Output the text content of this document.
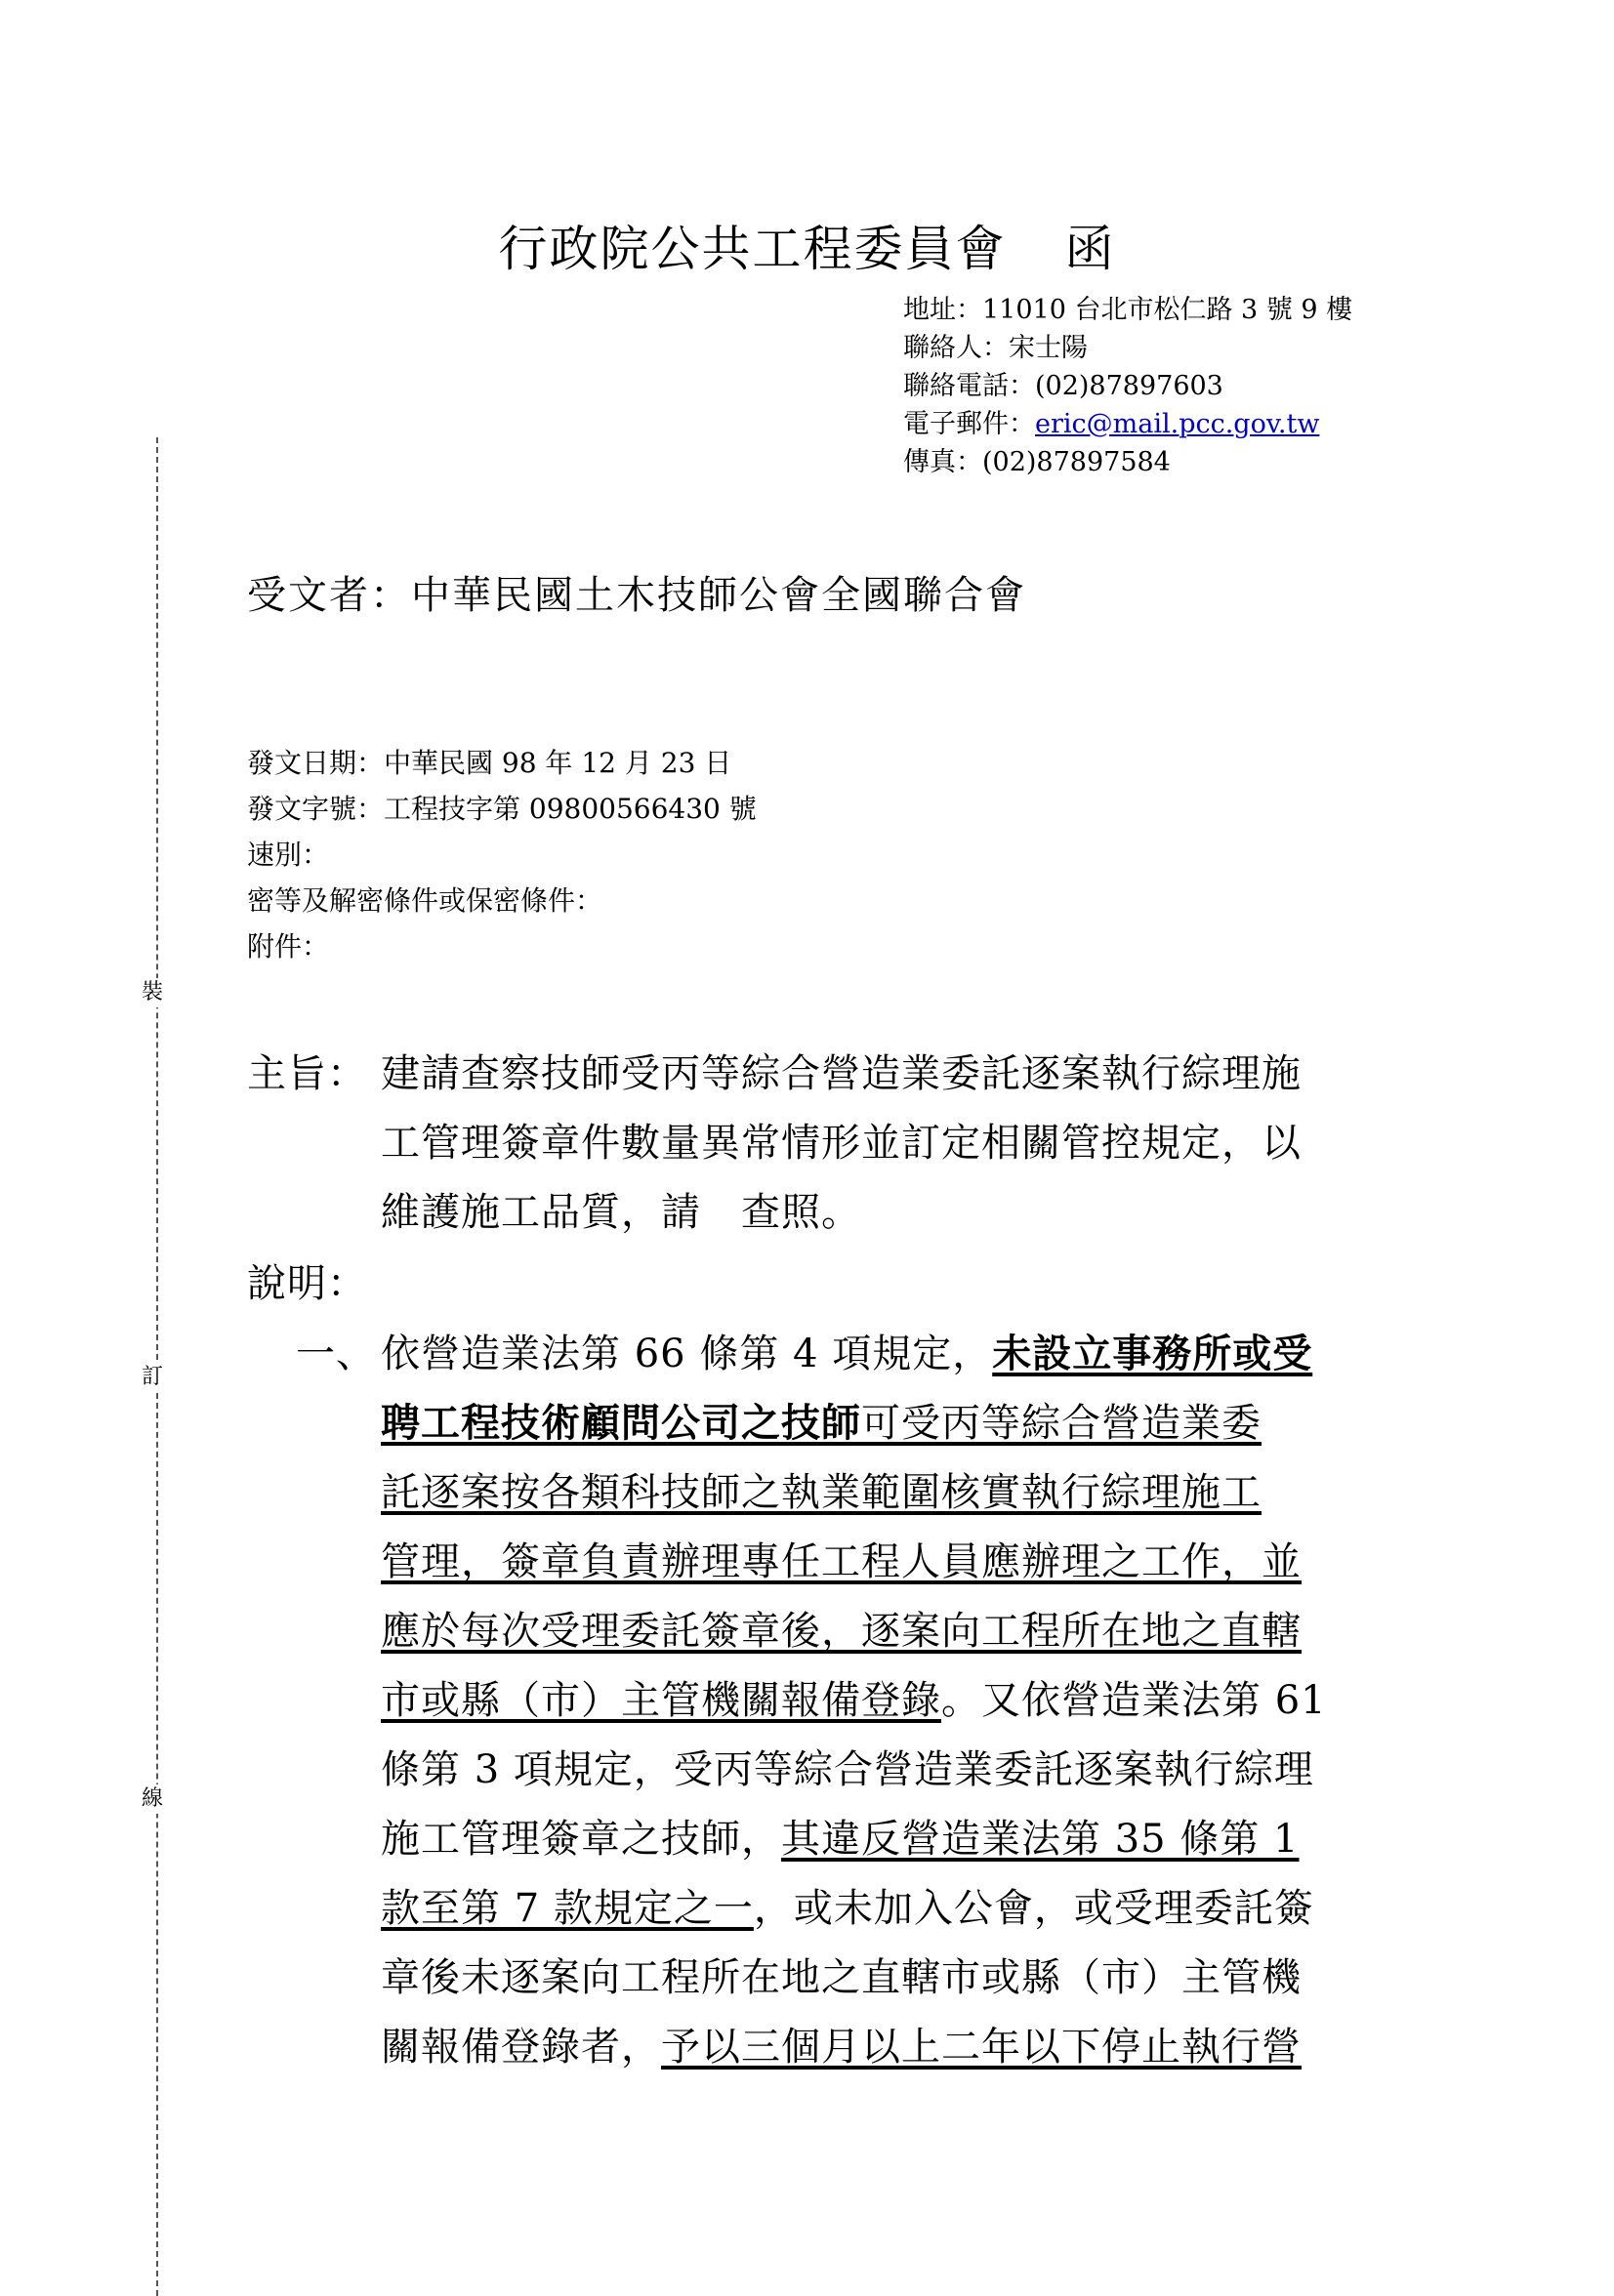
裝
訂
線
行政院公共工程委員會 函
地址：11010 台北市松仁路 3 號 9 樓
聯絡人：宋士陽
聯絡電話：(02)87897603
電子郵件：eric@mail.pcc.gov.tw
傳真：(02)87897584
受文者：中華民國土木技師公會全國聯合會
發文日期：中華民國 98 年 12 月 23 日
發文字號：工程技字第 09800566430 號
速別：
密等及解密條件或保密條件：
附件：
主旨： 建請查察技師受丙等綜合營造業委託逐案執行綜理施
工管理簽章件數量異常情形並訂定相關管控規定，以
維護施工品質，請　查照。
說明：
一、 依營造業法第 66 條第 4 項規定，未設立事務所或受
聘工程技術顧問公司之技師可受丙等綜合營造業委
託逐案按各類科技師之執業範圍核實執行綜理施工
管理，簽章負責辦理專任工程人員應辦理之工作，並
應於每次受理委託簽章後，逐案向工程所在地之直轄
市或縣（市）主管機關報備登錄。又依營造業法第 61
條第 3 項規定，受丙等綜合營造業委託逐案執行綜理
施工管理簽章之技師，其違反營造業法第 35 條第 1
款至第 7 款規定之一，或未加入公會，或受理委託簽
章後未逐案向工程所在地之直轄市或縣（市）主管機
關報備登錄者，予以三個月以上二年以下停止執行營
